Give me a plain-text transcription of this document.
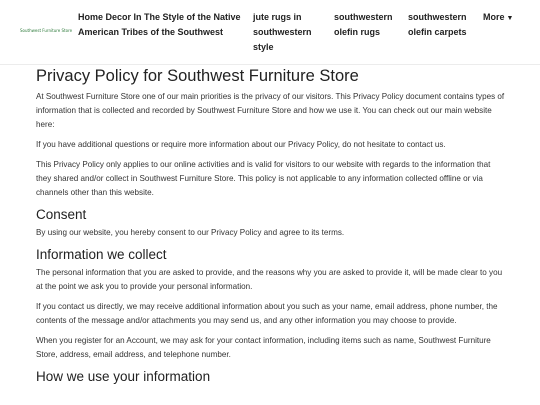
Southwest Furniture Store
Home Decor In The Style of the Native American Tribes of the Southwest
jute rugs in southwestern style
southwestern olefin rugs
southwestern olefin carpets
More ▼
Privacy Policy for Southwest Furniture Store

At Southwest Furniture Store one of our main priorities is the privacy of our visitors. This Privacy Policy document contains types of information that is collected and recorded by Southwest Furniture Store and how we use it. You can check out our main website here:

If you have additional questions or require more information about our Privacy Policy, do not hesitate to contact us.

This Privacy Policy only applies to our online activities and is valid for visitors to our website with regards to the information that they shared and/or collect in Southwest Furniture Store. This policy is not applicable to any information collected offline or via channels other than this website.

Consent

By using our website, you hereby consent to our Privacy Policy and agree to its terms.

Information we collect

The personal information that you are asked to provide, and the reasons why you are asked to provide it, will be made clear to you at the point we ask you to provide your personal information.

If you contact us directly, we may receive additional information about you such as your name, email address, phone number, the contents of the message and/or attachments you may send us, and any other information you may choose to provide.

When you register for an Account, we may ask for your contact information, including items such as name, Southwest Furniture Store, address, email address, and telephone number.

How we use your information
